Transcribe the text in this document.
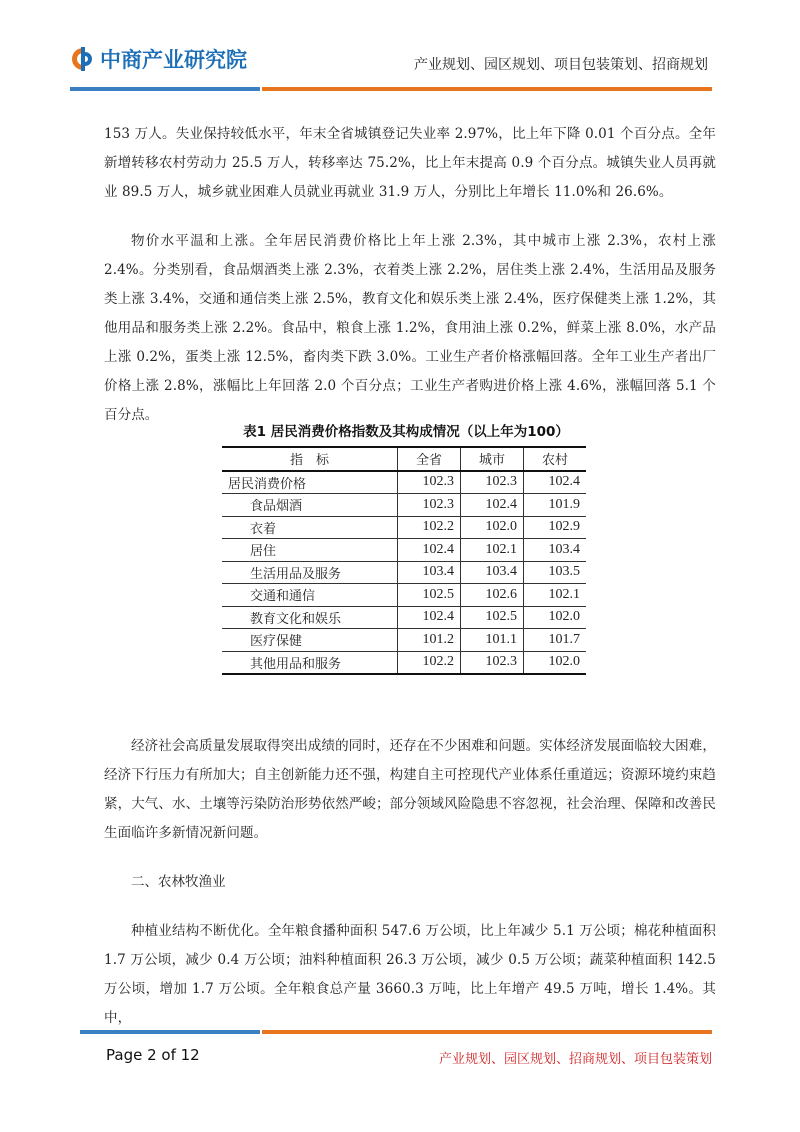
中商产业研究院	产业规划、园区规划、项目包装策划、招商规划

153 万人。失业保持较低水平，年末全省城镇登记失业率 2.97%，比上年下降 0.01 个百分点。全年新增转移农村劳动力 25.5 万人，转移率达 75.2%，比上年末提高 0.9 个百分点。城镇失业人员再就业 89.5 万人，城乡就业困难人员就业再就业 31.9 万人，分别比上年增长 11.0%和 26.6%。

物价水平温和上涨。全年居民消费价格比上年上涨 2.3%，其中城市上涨 2.3%，农村上涨 2.4%。分类别看，食品烟酒类上涨 2.3%，衣着类上涨 2.2%，居住类上涨 2.4%，生活用品及服务类上涨 3.4%，交通和通信类上涨 2.5%，教育文化和娱乐类上涨 2.4%，医疗保健类上涨 1.2%，其他用品和服务类上涨 2.2%。食品中，粮食上涨 1.2%，食用油上涨 0.2%，鲜菜上涨 8.0%，水产品上涨 0.2%，蛋类上涨 12.5%，畜肉类下跌 3.0%。工业生产者价格涨幅回落。全年工业生产者出厂价格上涨 2.8%，涨幅比上年回落 2.0 个百分点；工业生产者购进价格上涨 4.6%，涨幅回落 5.1 个百分点。

表1 居民消费价格指数及其构成情况（以上年为100）
指　标	全省	城市	农村
居民消费价格	102.3	102.3	102.4
食品烟酒	102.3	102.4	101.9
衣着	102.2	102.0	102.9
居住	102.4	102.1	103.4
生活用品及服务	103.4	103.4	103.5
交通和通信	102.5	102.6	102.1
教育文化和娱乐	102.4	102.5	102.0
医疗保健	101.2	101.1	101.7
其他用品和服务	102.2	102.3	102.0

经济社会高质量发展取得突出成绩的同时，还存在不少困难和问题。实体经济发展面临较大困难，经济下行压力有所加大；自主创新能力还不强，构建自主可控现代产业体系任重道远；资源环境约束趋紧，大气、水、土壤等污染防治形势依然严峻；部分领域风险隐患不容忽视，社会治理、保障和改善民生面临许多新情况新问题。

二、农林牧渔业

种植业结构不断优化。全年粮食播种面积 547.6 万公顷，比上年减少 5.1 万公顷；棉花种植面积 1.7 万公顷，减少 0.4 万公顷；油料种植面积 26.3 万公顷，减少 0.5 万公顷；蔬菜种植面积 142.5 万公顷，增加 1.7 万公顷。全年粮食总产量 3660.3 万吨，比上年增产 49.5 万吨，增长 1.4%。其中，

Page 2 of 12	产业规划、园区规划、招商规划、项目包装策划
